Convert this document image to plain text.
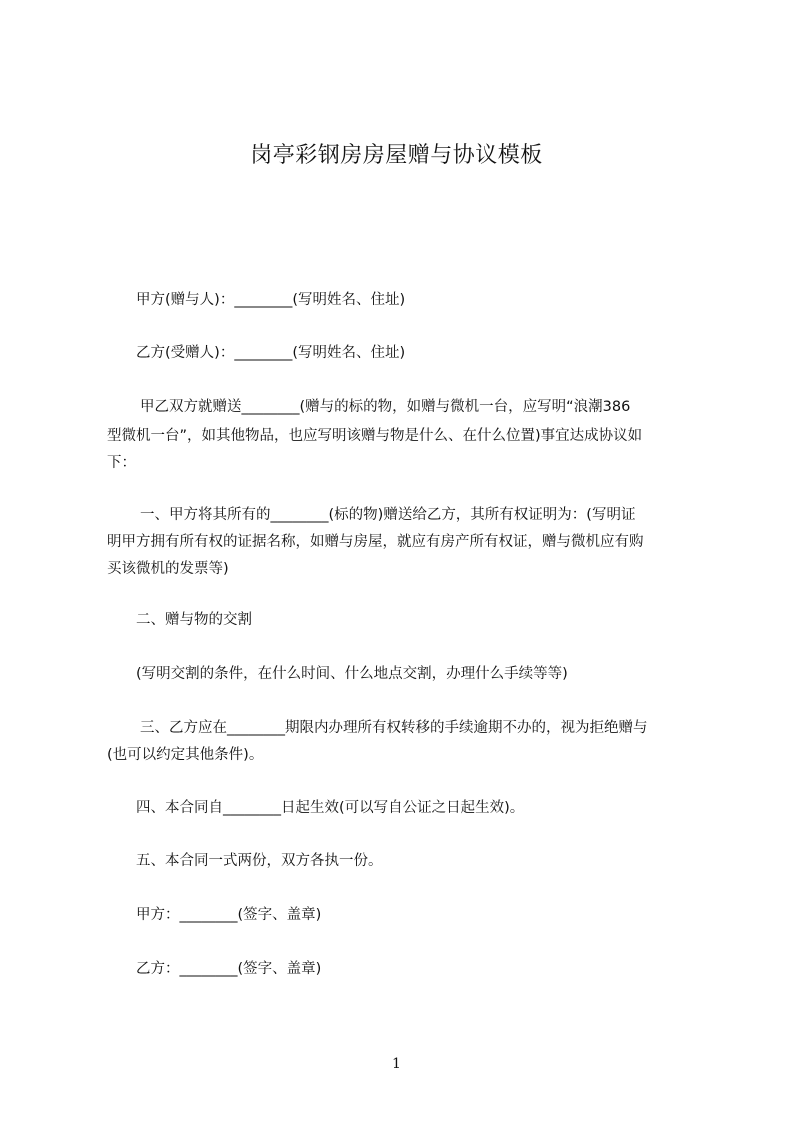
岗亭彩钢房房屋赠与协议模板
甲方(赠与人)：________(写明姓名、住址)
乙方(受赠人)：________(写明姓名、住址)
甲乙双方就赠送________(赠与的标的物，如赠与微机一台，应写明“浪潮386
型微机一台”，如其他物品，也应写明该赠与物是什么、在什么位置)事宜达成协议如
下：
一、甲方将其所有的________(标的物)赠送给乙方，其所有权证明为：(写明证
明甲方拥有所有权的证据名称，如赠与房屋，就应有房产所有权证，赠与微机应有购
买该微机的发票等)
二、赠与物的交割
(写明交割的条件，在什么时间、什么地点交割，办理什么手续等等)
三、乙方应在________期限内办理所有权转移的手续逾期不办的，视为拒绝赠与
(也可以约定其他条件)。
四、本合同自________日起生效(可以写自公证之日起生效)。
五、本合同一式两份，双方各执一份。
甲方：________(签字、盖章)
乙方：________(签字、盖章)
1
